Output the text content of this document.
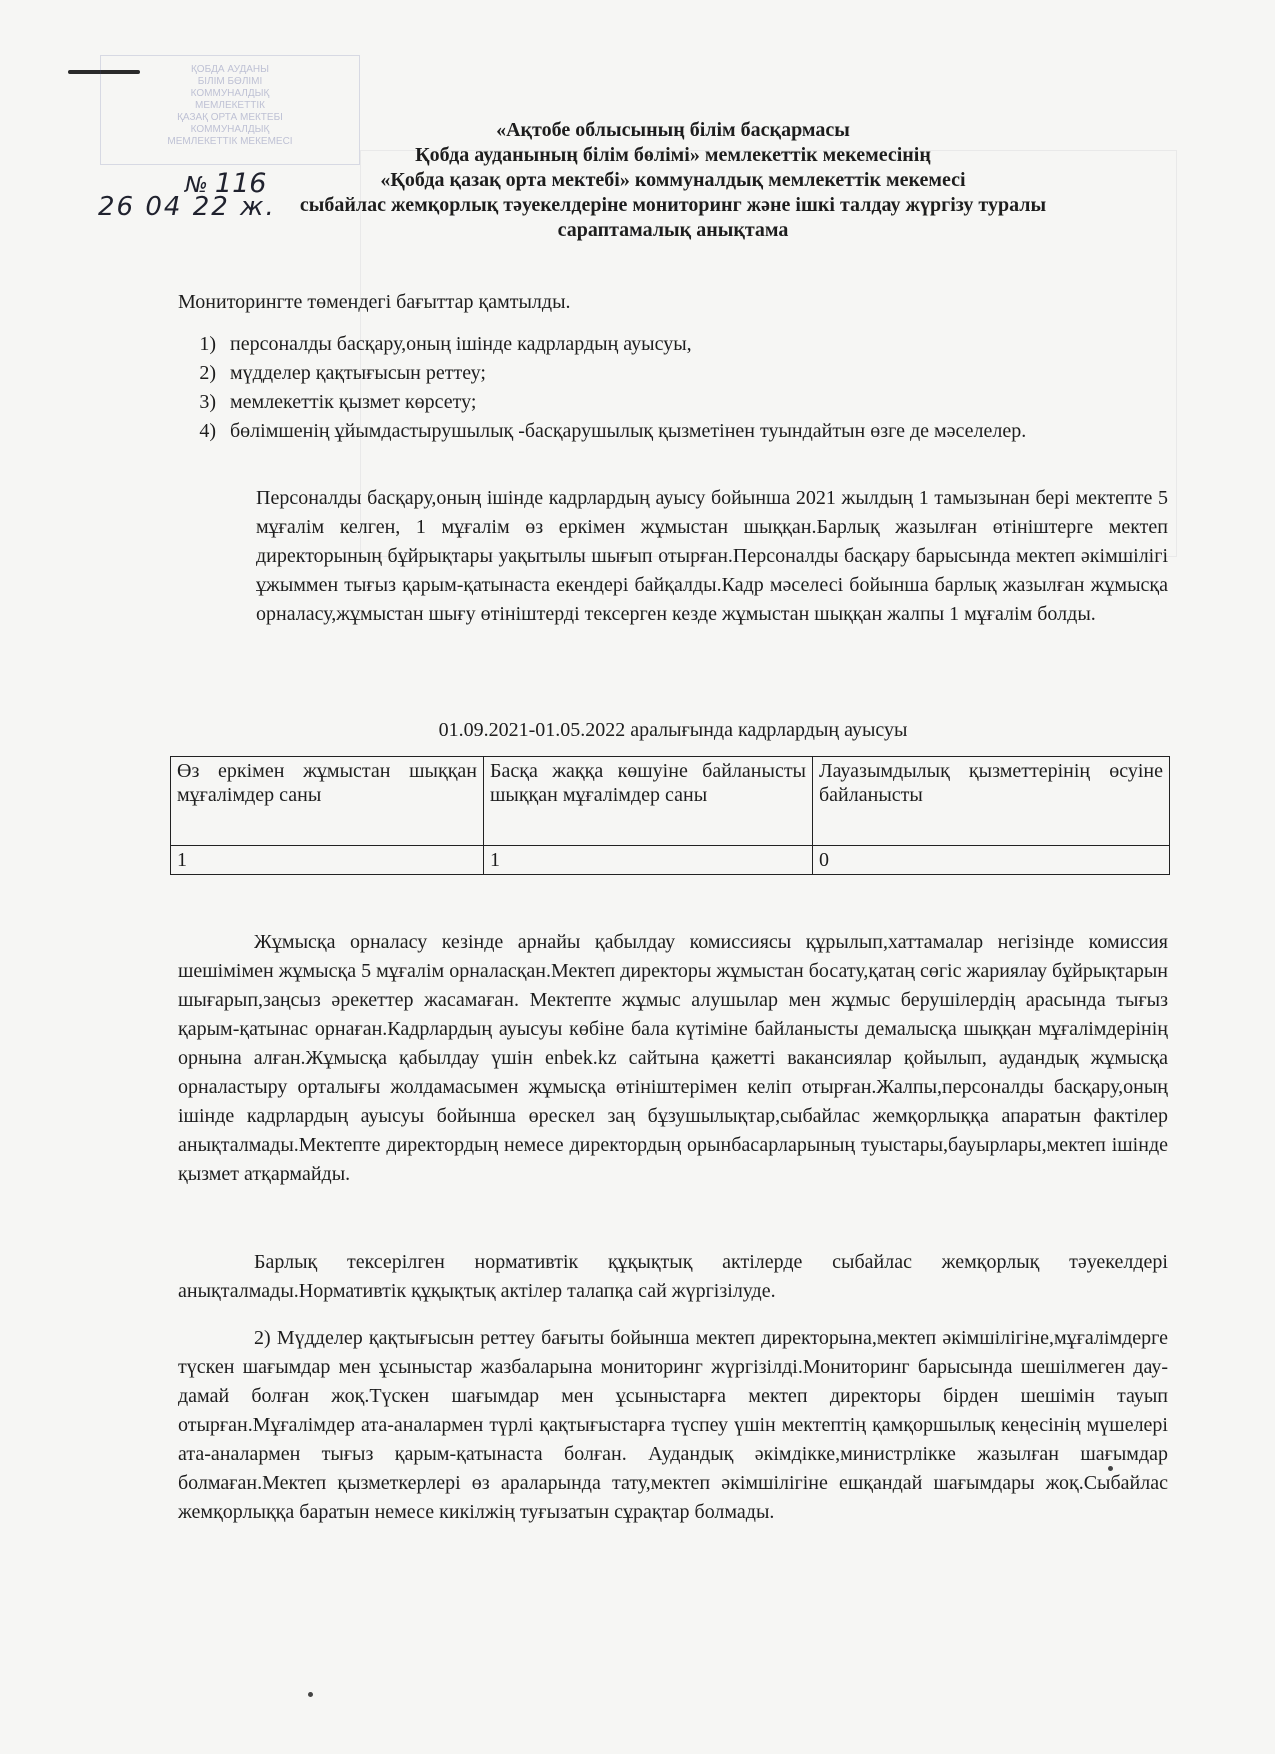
ҚОБДА АУДАНЫ
БІЛІМ БӨЛІМІ
КОММУНАЛДЫҚ
МЕМЛЕКЕТТІК
ҚАЗАҚ ОРТА МЕКТЕБІ
КОММУНАЛДЫҚ
МЕМЛЕКЕТТІК МЕКЕМЕСІ
№ 116
26 04 22 ж.
«Ақтобе облысының білім басқармасы
Қобда ауданының білім бөлімі» мемлекеттік мекемесінің
«Қобда қазақ орта мектебі» коммуналдық мемлекеттік мекемесі
сыбайлас жемқорлық тәуекелдеріне мониторинг және ішкі талдау жүргізу туралы
сараптамалық анықтама
Мониторингте төмендегі бағыттар қамтылды.
1) персоналды басқару,оның ішінде кадрлардың ауысуы,
2) мүдделер қақтығысын реттеу;
3) мемлекеттік қызмет көрсету;
4) бөлімшенің ұйымдастырушылық -басқарушылық қызметінен туындайтын өзге де мәселелер.
Персоналды басқару,оның ішінде кадрлардың ауысу бойынша 2021 жылдың 1 тамызынан бері мектепте 5 мұғалім келген, 1 мұғалім өз еркімен жұмыстан шыққан.Барлық жазылған өтініштерге мектеп директорының бұйрықтары уақытылы шығып отырған.Персоналды басқару барысында мектеп әкімшілігі ұжыммен тығыз қарым-қатынаста екендері байқалды.Кадр мәселесі бойынша барлық жазылған жұмысқа орналасу,жұмыстан шығу өтініштерді тексерген кезде жұмыстан шыққан жалпы 1 мұғалім болды.
01.09.2021-01.05.2022 аралығында кадрлардың ауысуы
Өз еркімен жұмыстан шыққан мұғалімдер саны	Басқа жаққа көшуіне байланысты шыққан мұғалімдер саны	Лауазымдылық қызметтерінің өсуіне байланысты
1	1	0
Жұмысқа орналасу кезінде арнайы қабылдау комиссиясы құрылып,хаттамалар негізінде комиссия шешімімен жұмысқа 5 мұғалім орналасқан.Мектеп директоры жұмыстан босату,қатаң сөгіс жариялау бұйрықтарын шығарып,заңсыз әрекеттер жасамаған. Мектепте жұмыс алушылар мен жұмыс берушілердің арасында тығыз қарым-қатынас орнаған.Кадрлардың ауысуы көбіне бала күтіміне байланысты демалысқа шыққан мұғалімдерінің орнына алған.Жұмысқа қабылдау үшін enbek.kz сайтына қажетті вакансиялар қойылып, аудандық жұмысқа орналастыру орталығы жолдамасымен жұмысқа өтініштерімен келіп отырған.Жалпы,персоналды басқару,оның ішінде кадрлардың ауысуы бойынша өрескел заң бұзушылықтар,сыбайлас жемқорлыққа апаратын фактілер анықталмады.Мектепте директордың немесе директордың орынбасарларының туыстары,бауырлары,мектеп ішінде қызмет атқармайды.
Барлық тексерілген нормативтік құқықтық актілерде сыбайлас жемқорлық тәуекелдері анықталмады.Нормативтік құқықтық актілер талапқа сай жүргізілуде.
2) Мүдделер қақтығысын реттеу бағыты бойынша мектеп директорына,мектеп әкімшілігіне,мұғалімдерге түскен шағымдар мен ұсыныстар жазбаларына мониторинг жүргізілді.Мониторинг барысында шешілмеген дау-дамай болған жоқ.Түскен шағымдар мен ұсыныстарға мектеп директоры бірден шешімін тауып отырған.Мұғалімдер ата-аналармен түрлі қақтығыстарға түспеу үшін мектептің қамқоршылық кеңесінің мүшелері ата-аналармен тығыз қарым-қатынаста болған. Аудандық әкімдікке,министрлікке жазылған шағымдар болмаған.Мектеп қызметкерлері өз араларында тату,мектеп әкімшілігіне ешқандай шағымдары жоқ.Сыбайлас жемқорлыққа баратын немесе кикілжің туғызатын сұрақтар болмады.
